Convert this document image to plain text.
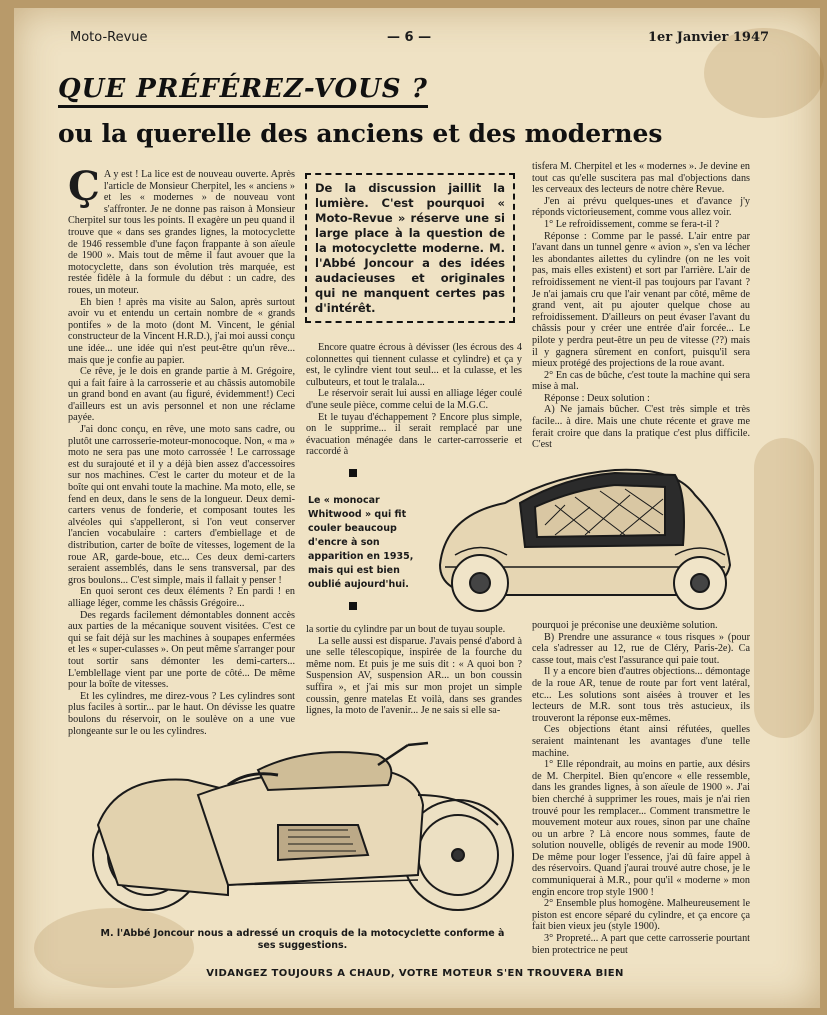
Moto-Revue	— 6 —	1er Janvier 1947
QUE PRÉFÉREZ-VOUS ?
ou la querelle des anciens et des modernes
Ç A y est ! La lice est de nouveau ouverte. Après l'article de Monsieur Cherpitel, les « anciens » et les « modernes » de nouveau vont s'affronter. Je ne donne pas raison à Monsieur Cherpitel sur tous les points. Il exagère un peu quand il trouve que « dans ses grandes lignes, la motocyclette de 1946 ressemble d'une façon frappante à son aïeule de 1900 ». Mais tout de même il faut avouer que la motocyclette, dans son évolution très marquée, est restée fidèle à la formule du début : un cadre, des roues, un moteur.

Eh bien ! après ma visite au Salon, après surtout avoir vu et entendu un certain nombre de « grands pontifes » de la moto (dont M. Vincent, le génial constructeur de la Vincent H.R.D.), j'ai moi aussi conçu une idée... une idée qui n'est peut-être qu'un rêve... mais que je confie au papier.

Ce rêve, je le dois en grande partie à M. Grégoire, qui a fait faire à la carrosserie et au châssis automobile un grand bond en avant (au figuré, évidemment!) Ceci d'ailleurs est un avis personnel et non une réclame payée.

J'ai donc conçu, en rêve, une moto sans cadre, ou plutôt une carrosserie-moteur-monocoque. Non, « ma » moto ne sera pas une moto carrossée ! Le carrossage est du surajouté et il y a déjà bien assez d'accessoires sur nos machines. C'est le carter du moteur et de la boîte qui ont envahi toute la machine. Ma moto, elle, se fend en deux, dans le sens de la longueur. Deux demi-carters venus de fonderie, et composant toutes les alvéoles qui s'appelleront, si l'on veut conserver l'ancien vocabulaire : carters d'embiellage et de distribution, carter de boîte de vitesses, logement de la roue AR, garde-boue, etc... Ces deux demi-carters seraient assemblés, dans le sens transversal, par des gros boulons... C'est simple, mais il fallait y penser !

En quoi seront ces deux éléments ? En pardi ! en alliage léger, comme les châssis Grégoire...

Des regards facilement démontables donnent accès aux parties de la mécanique souvent visitées. C'est ce qui se fait déjà sur les machines à soupapes enfermées et les « super-culasses ». On peut même s'arranger pour tout sortir sans démonter les demi-carters... L'emblellage vient par une porte de côté... De même pour la boîte de vitesses.

Et les cylindres, me direz-vous ? Les cylindres sont plus faciles à sortir... par le haut. On dévisse les quatre boulons du réservoir, on le soulève on a une vue plongeante sur le ou les cylindres.

De la discussion jaillit la lumière. C'est pourquoi « Moto-Revue » réserve une si large place à la question de la motocyclette moderne. M. l'Abbé Joncour a des idées audacieuses et originales qui ne manquent certes pas d'intérêt.

Encore quatre écrous à dévisser (les écrous des 4 colonnettes qui tiennent culasse et cylindre) et ça y est, le cylindre vient tout seul... et la culasse, et les culbuteurs, et tout le tralala...

Le réservoir serait lui aussi en alliage léger coulé d'une seule pièce, comme celui de la M.G.C.

Et le tuyau d'échappement ? Encore plus simple, on le supprime... il serait remplacé par une évacuation ménagée dans le carter-carrosserie et raccordé à

Le « monocar Whitwood » qui fit couler beaucoup d'encre à son apparition en 1935, mais qui est bien oublié aujourd'hui.

la sortie du cylindre par un bout de tuyau souple.

La selle aussi est disparue. J'avais pensé d'abord à une selle télescopique, inspirée de la fourche du même nom. Et puis je me suis dit : « A quoi bon ? Suspension AV, suspension AR... un bon coussin suffira », et j'ai mis sur mon projet un simple coussin, genre matelas Et voilà, dans ses grandes lignes, la moto de l'avenir... Je ne sais si elle sa-

tisfera M. Cherpitel et les « modernes ». Je devine en tout cas qu'elle suscitera pas mal d'objections dans les cerveaux des lecteurs de notre chère Revue.

J'en ai prévu quelques-unes et d'avance j'y réponds victorieusement, comme vous allez voir.

1° Le refroidissement, comme se fera-t-il ?

Réponse : Comme par le passé. L'air entre par l'avant dans un tunnel genre « avion », s'en va lécher les abondantes ailettes du cylindre (on ne les voit pas, mais elles existent) et sort par l'arrière. L'air de refroidissement ne vient-il pas toujours par l'avant ? Je n'ai jamais cru que l'air venant par côté, même de grand vent, ait pu ajouter quelque chose au refroidissement. D'ailleurs on peut évaser l'avant du châssis pour y créer une entrée d'air forcée... Le pilote y perdra peut-être un peu de vitesse (??) mais il y gagnera sûrement en confort, puisqu'il sera mieux protégé des projections de la roue avant.

2° En cas de bûche, c'est toute la machine qui sera mise à mal.

Réponse : Deux solution :

A) Ne jamais bûcher. C'est très simple et très facile... à dire. Mais une chute récente et grave me ferait croire que dans la pratique c'est plus difficile. C'est

pourquoi je préconise une deuxième solution.

B) Prendre une assurance « tous risques » (pour cela s'adresser au 12, rue de Cléry, Paris-2e). Ca casse tout, mais c'est l'assurance qui paie tout.

Il y a encore bien d'autres objections... démontage de la roue AR, tenue de route par fort vent latéral, etc... Les solutions sont aisées à trouver et les lecteurs de M.R. sont tous très astucieux, ils trouveront la réponse eux-mêmes.

Ces objections étant ainsi réfutées, quelles seraient maintenant les avantages d'une telle machine.

1° Elle répondrait, au moins en partie, aux désirs de M. Cherpitel. Bien qu'encore « elle ressemble, dans les grandes lignes, à son aïeule de 1900 ». J'ai bien cherché à supprimer les roues, mais je n'ai rien trouvé pour les remplacer... Comment transmettre le mouvement moteur aux roues, sinon par une chaîne ou un arbre ? Là encore nous sommes, faute de solution nouvelle, obligés de revenir au mode 1900. De même pour loger l'essence, j'ai dû faire appel à des réservoirs. Quand j'aurai trouvé autre chose, je le communiquerai à M.R., pour qu'il « moderne » mon engin encore trop style 1900 !

2° Ensemble plus homogène. Malheureusement le piston est encore séparé du cylindre, et ça encore ça fait bien vieux jeu (style 1900).

3° Propreté... A part que cette carrosserie pourtant bien protectrice ne peut

M. l'Abbé Joncour nous a adressé un croquis de la motocyclette conforme à ses suggestions.
VIDANGEZ TOUJOURS A CHAUD, VOTRE MOTEUR S'EN TROUVERA BIEN
